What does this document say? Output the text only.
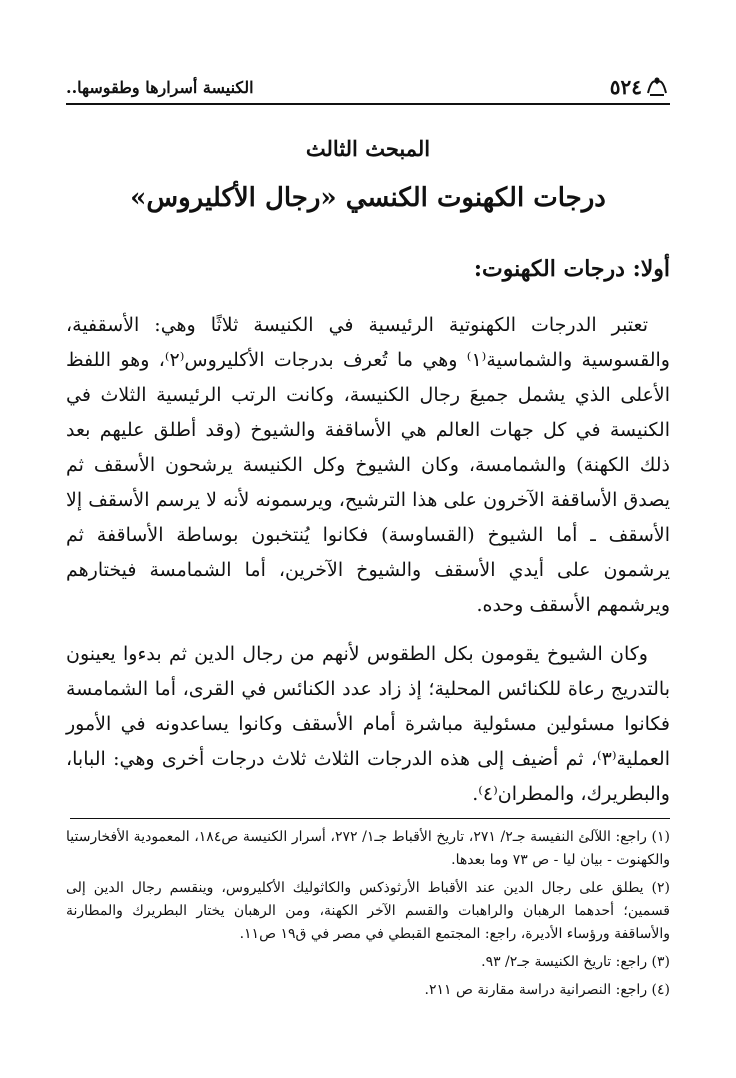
٥٢٤
الكنيسة أسرارها وطقوسها..
المبحث الثالث
درجات الكهنوت الكنسي «رجال الأكليروس»
أولا: درجات الكهنوت:

تعتبر الدرجات الكهنوتية الرئيسية في الكنيسة ثلاثًا وهي: الأسقفية، والقسوسية والشماسية⁽١⁾ وهي ما تُعرف بدرجات الأكليروس⁽٢⁾، وهو اللفظ الأعلى الذي يشمل جميعَ رجال الكنيسة، وكانت الرتب الرئيسية الثلاث في الكنيسة في كل جهات العالم هي الأساقفة والشيوخ (وقد أطلق عليهم بعد ذلك الكهنة) والشمامسة، وكان الشيوخ وكل الكنيسة يرشحون الأسقف ثم يصدق الأساقفة الآخرون على هذا الترشيح، ويرسمونه لأنه لا يرسم الأسقف إلا الأسقف ـ أما الشيوخ (القساوسة) فكانوا يُنتخبون بوساطة الأساقفة ثم يرشمون على أيدي الأسقف والشيوخ الآخرين، أما الشمامسة فيختارهم ويرشمهم الأسقف وحده.

وكان الشيوخ يقومون بكل الطقوس لأنهم من رجال الدين ثم بدءوا يعينون بالتدريج رعاة للكنائس المحلية؛ إذ زاد عدد الكنائس في القرى، أما الشمامسة فكانوا مسئولين مسئولية مباشرة أمام الأسقف وكانوا يساعدونه في الأمور العملية⁽٣⁾، ثم أضيف إلى هذه الدرجات الثلاث ثلاث درجات أخرى وهي: البابا، والبطريرك، والمطران⁽٤⁾.

(١) راجع: اللآلئ النفيسة جـ٢/ ٢٧١، تاريخ الأقباط جـ١/ ٢٧٢، أسرار الكنيسة ص١٨٤، المعمودية الأفخارستيا والكهنوت - بيان ليا - ص ٧٣ وما بعدها.

(٢) يطلق على رجال الدين عند الأقباط الأرثوذكس والكاثوليك الأكليروس، وينقسم رجال الدين إلى قسمين؛ أحدهما الرهبان والراهبات والقسم الآخر الكهنة، ومن الرهبان يختار البطريرك والمطارنة والأساقفة ورؤساء الأديرة، راجع: المجتمع القبطي في مصر في ق١٩ ص١١.

(٣) راجع: تاريخ الكنيسة جـ٢/ ٩٣.

(٤) راجع: النصرانية دراسة مقارنة ص ٢١١.
